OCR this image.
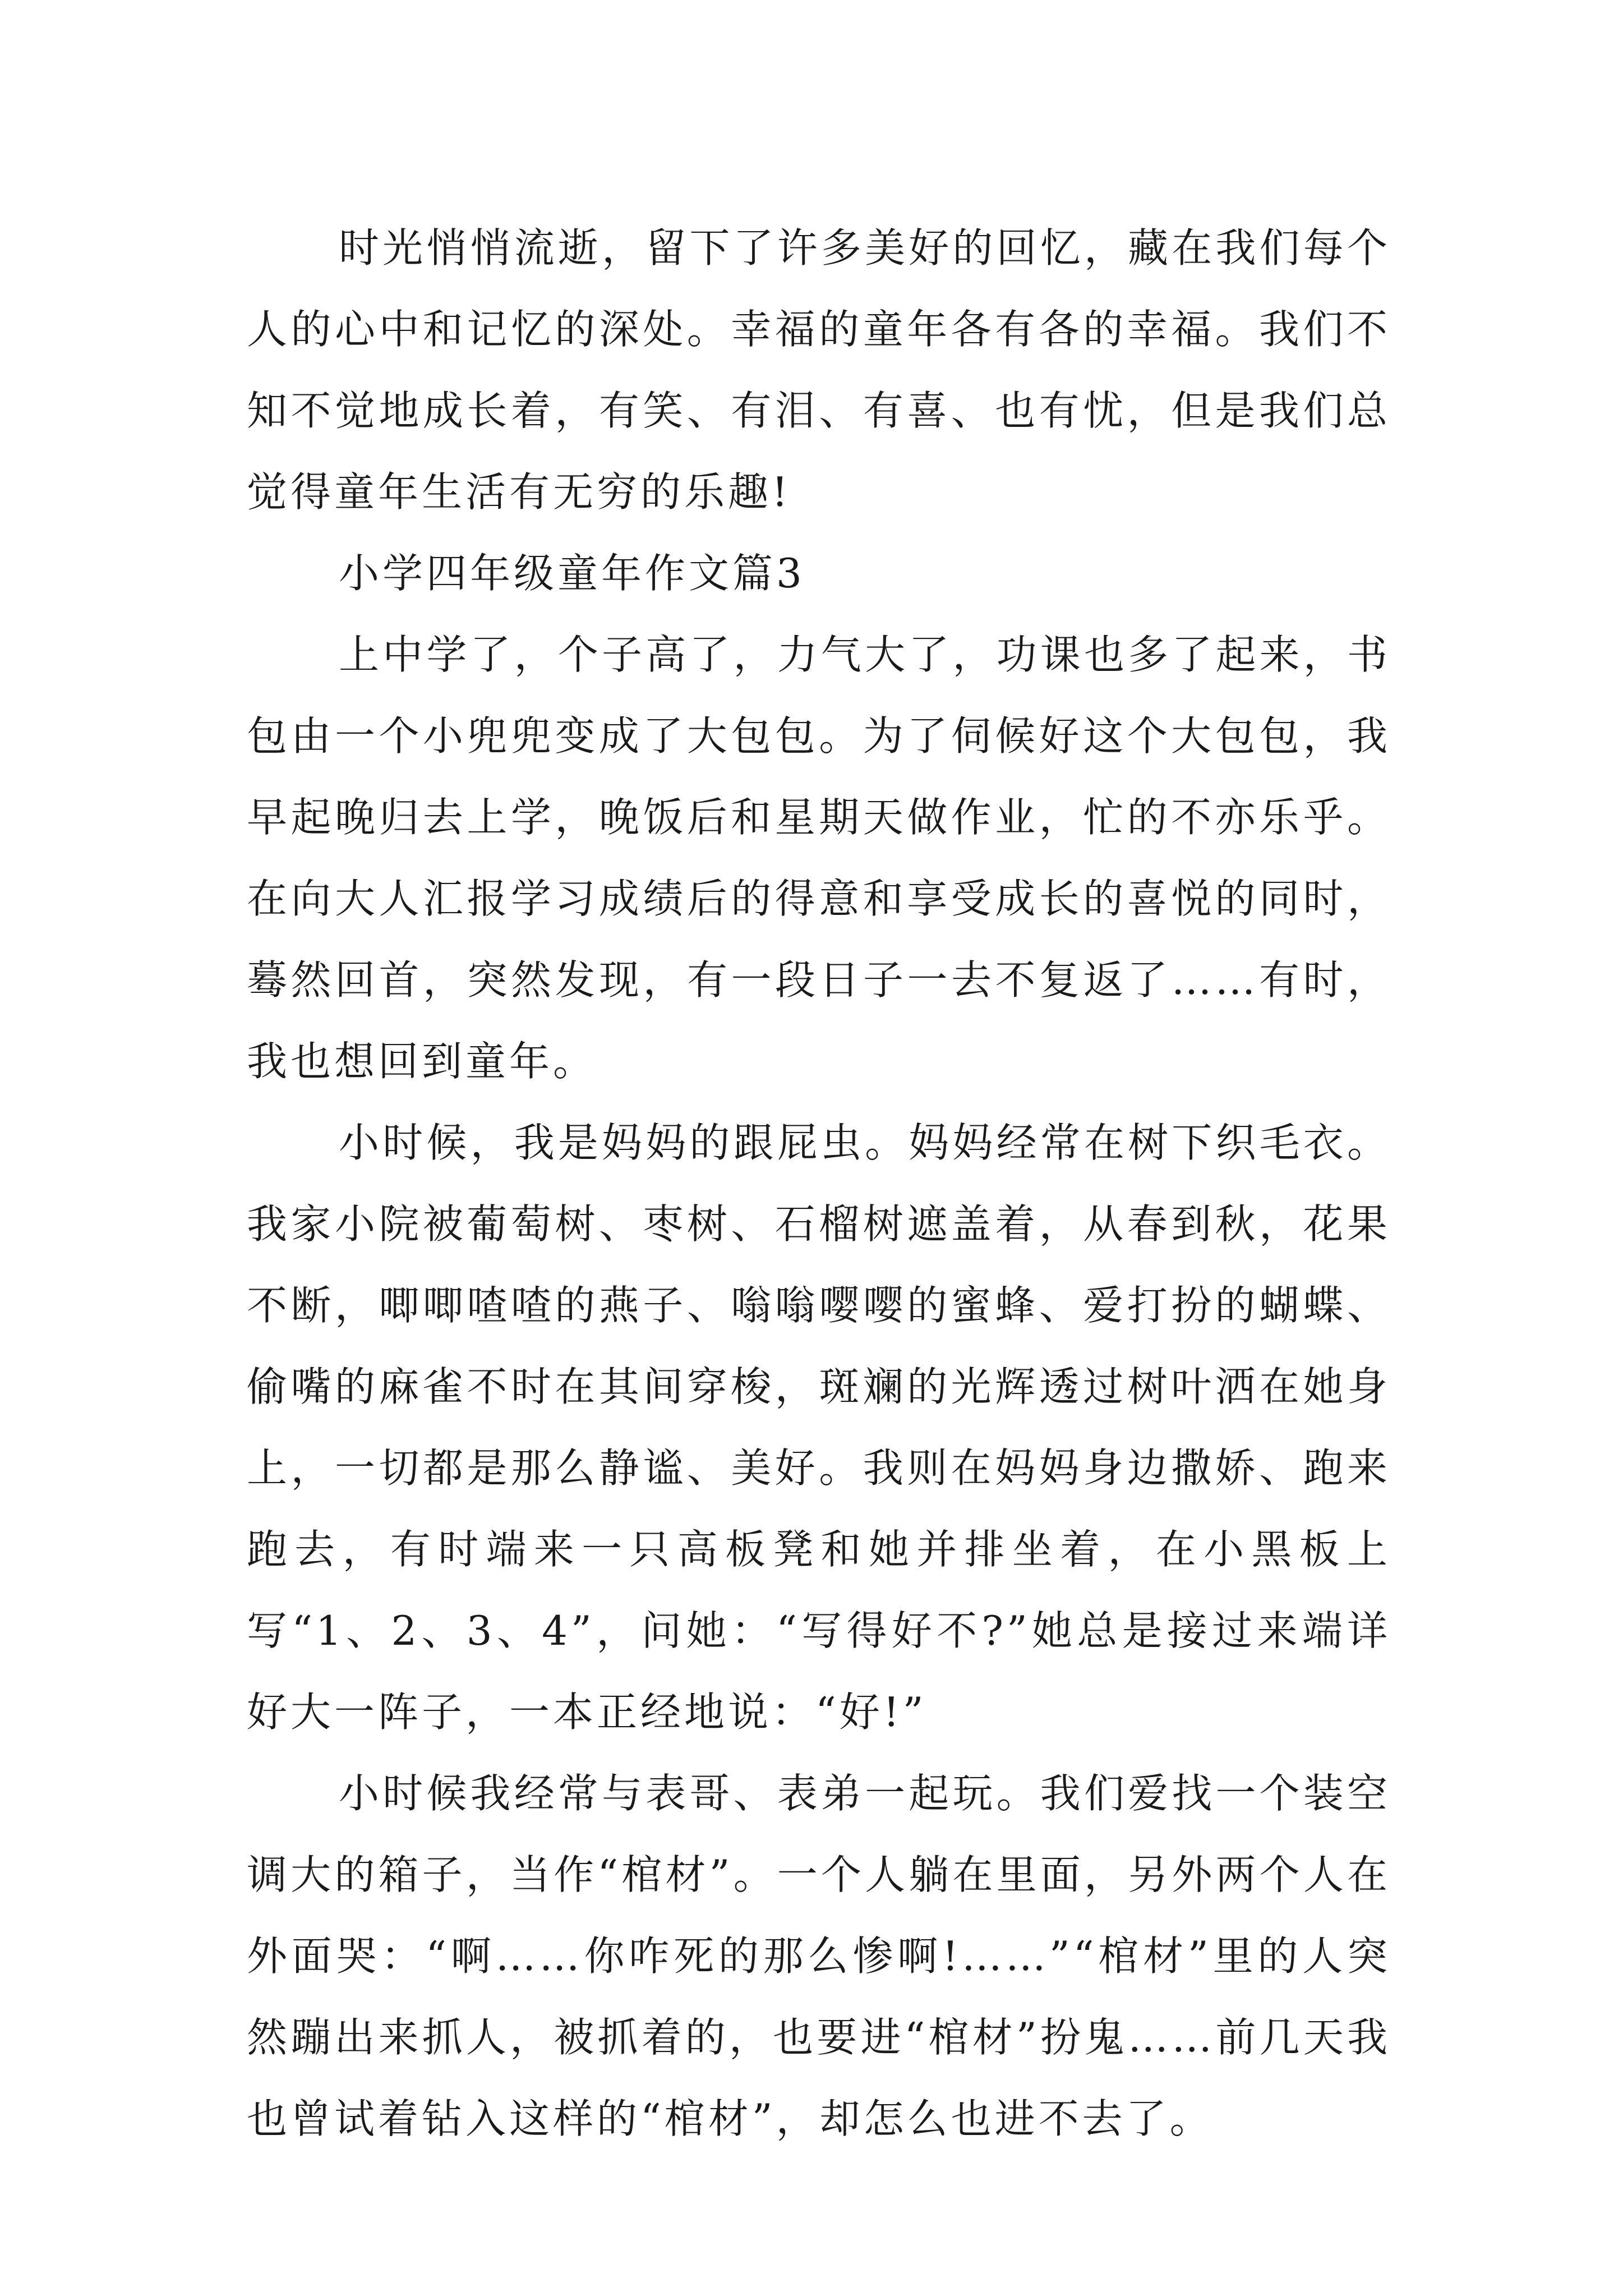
时光悄悄流逝，留下了许多美好的回忆，藏在我们每个人的心中和记忆的深处。幸福的童年各有各的幸福。我们不知不觉地成长着，有笑、有泪、有喜、也有忧，但是我们总觉得童年生活有无穷的乐趣!

小学四年级童年作文篇3

上中学了，个子高了，力气大了，功课也多了起来，书包由一个小兜兜变成了大包包。为了伺候好这个大包包，我早起晚归去上学，晚饭后和星期天做作业，忙的不亦乐乎。在向大人汇报学习成绩后的得意和享受成长的喜悦的同时，蓦然回首，突然发现，有一段日子一去不复返了……有时，我也想回到童年。

小时候，我是妈妈的跟屁虫。妈妈经常在树下织毛衣。我家小院被葡萄树、枣树、石榴树遮盖着，从春到秋，花果不断，唧唧喳喳的燕子、嗡嗡嘤嘤的蜜蜂、爱打扮的蝴蝶、偷嘴的麻雀不时在其间穿梭，斑斓的光辉透过树叶洒在她身上，一切都是那么静谧、美好。我则在妈妈身边撒娇、跑来跑去，有时端来一只高板凳和她并排坐着，在小黑板上写“1、2、3、4”，问她：“写得好不?”她总是接过来端详好大一阵子，一本正经地说：“好!”

小时候我经常与表哥、表弟一起玩。我们爱找一个装空调大的箱子，当作“棺材”。一个人躺在里面，另外两个人在外面哭：“啊……你咋死的那么惨啊!……”“棺材”里的人突然蹦出来抓人，被抓着的，也要进“棺材”扮鬼……前几天我也曾试着钻入这样的“棺材”，却怎么也进不去了。
